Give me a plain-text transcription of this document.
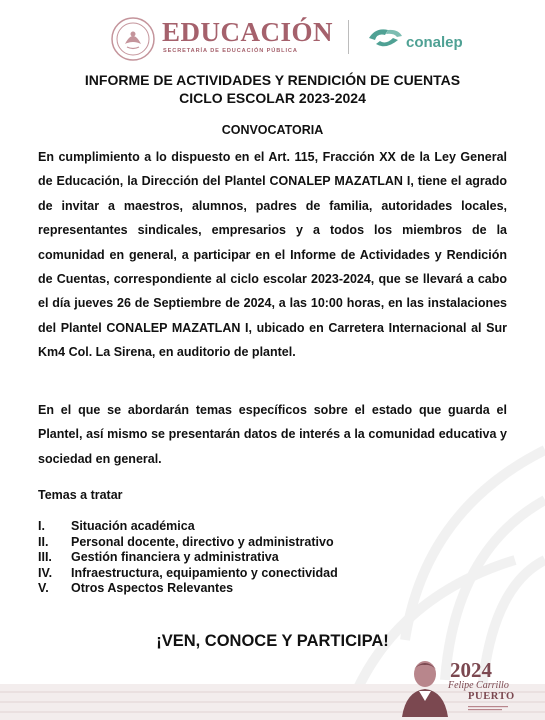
EDUCACIÓN
SECRETARÍA DE EDUCACIÓN PÚBLICA	conalep
INFORME DE ACTIVIDADES Y RENDICIÓN DE CUENTAS
CICLO ESCOLAR 2023-2024
CONVOCATORIA
En cumplimiento a lo dispuesto en el Art. 115, Fracción XX de la Ley General de Educación, la Dirección del Plantel CONALEP MAZATLAN I, tiene el agrado de invitar a maestros, alumnos, padres de familia, autoridades locales, representantes sindicales, empresarios y a todos los miembros de la comunidad en general, a participar en el Informe de Actividades y Rendición de Cuentas, correspondiente al ciclo escolar 2023-2024, que se llevará a cabo el día jueves 26 de Septiembre de 2024, a las 10:00 horas, en las instalaciones del Plantel CONALEP MAZATLAN I, ubicado en Carretera Internacional al Sur Km4 Col. La Sirena, en auditorio de plantel.
En el que se abordarán temas específicos sobre el estado que guarda el Plantel, así mismo se presentarán datos de interés a la comunidad educativa y sociedad en general.
Temas a tratar
I. Situación académica
II. Personal docente, directivo y administrativo
III. Gestión financiera y administrativa
IV. Infraestructura, equipamiento y conectividad
V. Otros Aspectos Relevantes
¡VEN, CONOCE Y PARTICIPA!
2024
Felipe Carrillo
PUERTO
